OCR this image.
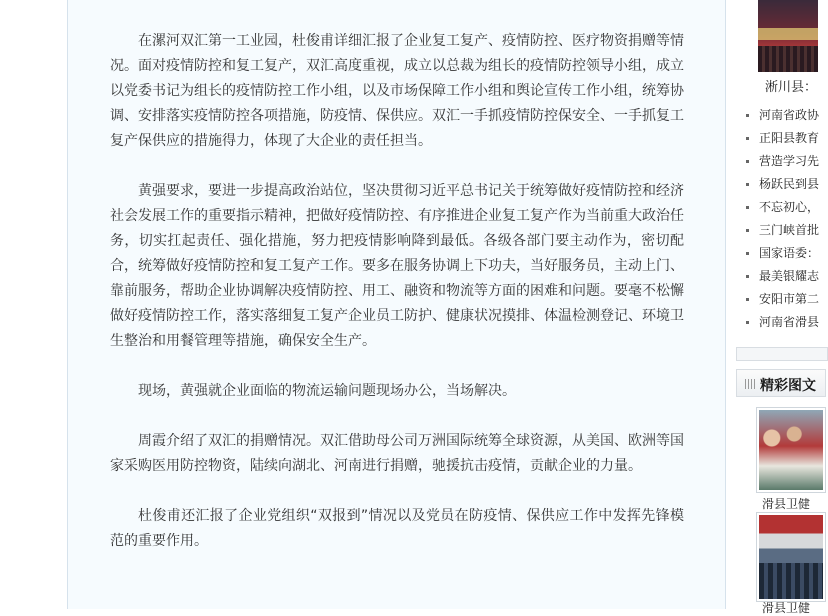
在漯河双汇第一工业园，杜俊甫详细汇报了企业复工复产、疫情防控、医疗物资捐赠等情况。面对疫情防控和复工复产，双汇高度重视，成立以总裁为组长的疫情防控领导小组，成立以党委书记为组长的疫情防控工作小组，以及市场保障工作小组和舆论宣传工作小组，统筹协调、安排落实疫情防控各项措施，防疫情、保供应。双汇一手抓疫情防控保安全、一手抓复工复产保供应的措施得力，体现了大企业的责任担当。

黄强要求，要进一步提高政治站位，坚决贯彻习近平总书记关于统筹做好疫情防控和经济社会发展工作的重要指示精神，把做好疫情防控、有序推进企业复工复产作为当前重大政治任务，切实扛起责任、强化措施，努力把疫情影响降到最低。各级各部门要主动作为，密切配合，统筹做好疫情防控和复工复产工作。要多在服务协调上下功夫，当好服务员，主动上门、靠前服务，帮助企业协调解决疫情防控、用工、融资和物流等方面的困难和问题。要毫不松懈做好疫情防控工作，落实落细复工复产企业员工防护、健康状况摸排、体温检测登记、环境卫生整治和用餐管理等措施，确保安全生产。

现场，黄强就企业面临的物流运输问题现场办公，当场解决。

周霞介绍了双汇的捐赠情况。双汇借助母公司万洲国际统筹全球资源，从美国、欧洲等国家采购医用防控物资，陆续向湖北、河南进行捐赠，驰援抗击疫情，贡献企业的力量。

杜俊甫还汇报了企业党组织“双报到”情况以及党员在防疫情、保供应工作中发挥先锋模范的重要作用。

淅川县：
河南省政协
正阳县教育
营造学习先
杨跃民到县
不忘初心，
三门峡首批
国家语委：
最美银耀志
安阳市第二
河南省滑县
精彩图文
滑县卫健
滑县卫健
